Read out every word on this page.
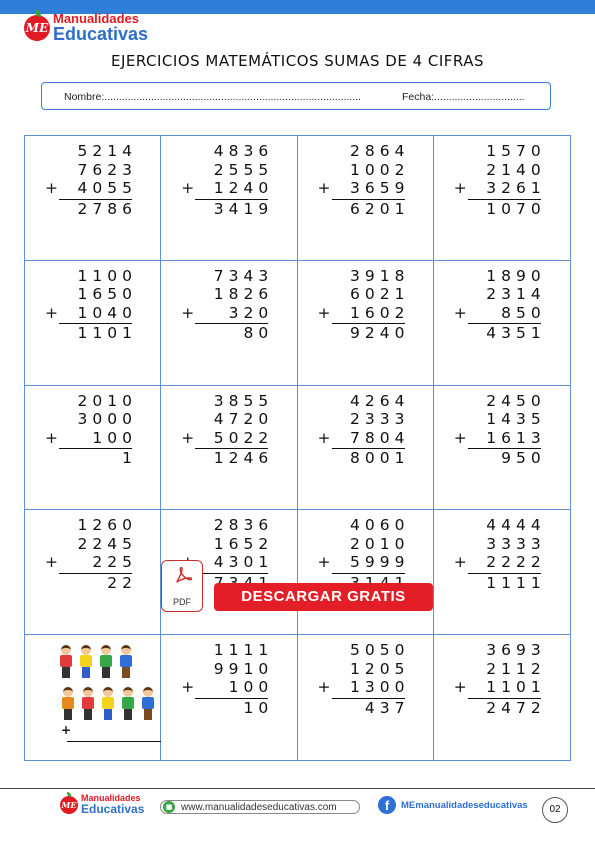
ME
Manualidades
Educativas
EJERCICIOS MATEMÁTICOS SUMAS DE 4 CIFRAS
Nombre:........................................................................................	Fecha:...............................
5214
7623
+	4055
2786
4836
2555
+	1240
3419
2864
1002
+	3659
6201
1570
2140
+	3261
1070
1100
1650
+	1040
1101
7343
1826
+	320
80
3918
6021
+	1602
9240
1890
2314
+	850
4351
2010
3000
+	100
1
3855
4720
+	5022
1246
4264
2333
+	7804
8001
2450
1435
+	1613
950
1260
2245
+	225
22
2836
1652
4301
4060
2010
+	5999
4444
3333
+	2222
1111
+
1111
9910
+	100
10
5050
1205
+	1300
437
3693
2112
+	1101
2472
PDF	DESCARGAR GRATIS
ME
Manualidades
Educativas	■ www.manualidadeseducativas.com	f	MEmanualidadeseducativas	02
